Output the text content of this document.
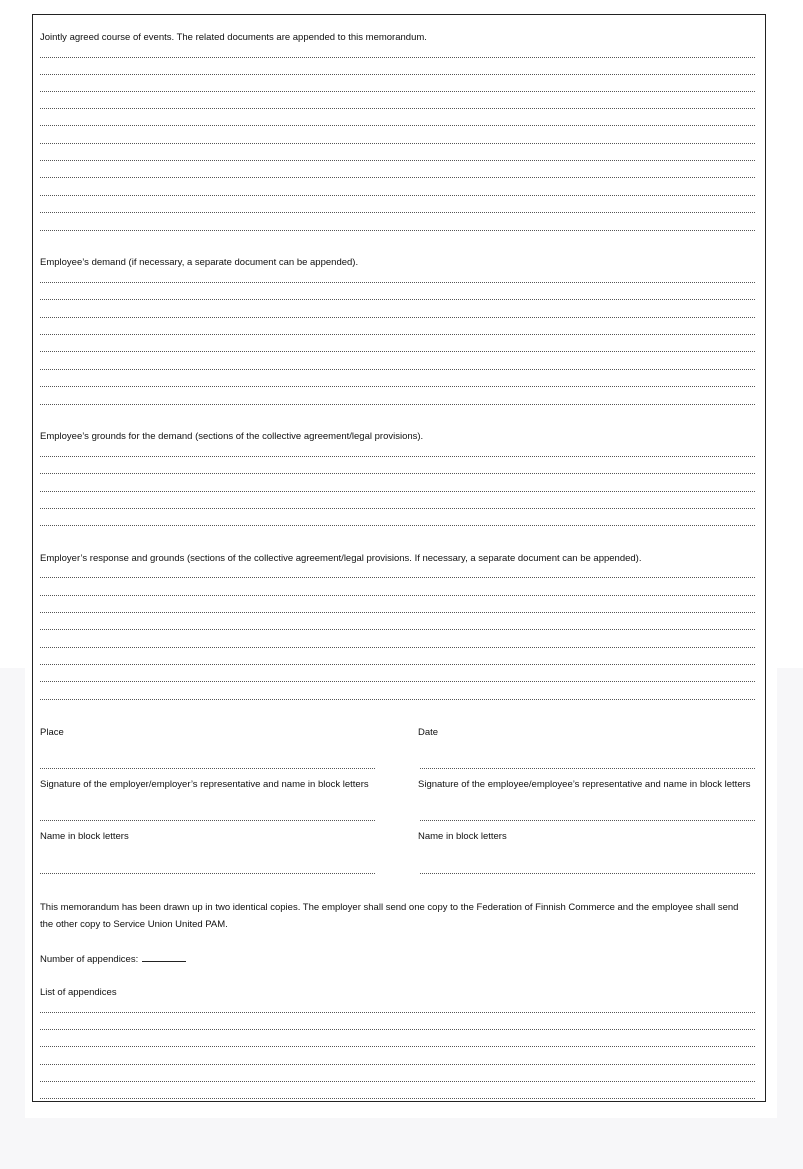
Jointly agreed course of events. The related documents are appended to this memorandum.
Employee’s demand (if necessary, a separate document can be appended).
Employee’s grounds for the demand (sections of the collective agreement/legal provisions).
Employer’s response and grounds (sections of the collective agreement/legal provisions. If necessary, a separate document can be appended).
Place	Date
Signature of the employer/employer’s representative and name in block letters	Signature of the employee/employee’s representative and name in block letters
Name in block letters	Name in block letters
This memorandum has been drawn up in two identical copies. The employer shall send one copy to the Federation of Finnish Commerce and the employee shall send the other copy to Service Union United PAM.
Number of appendices:
List of appendices
